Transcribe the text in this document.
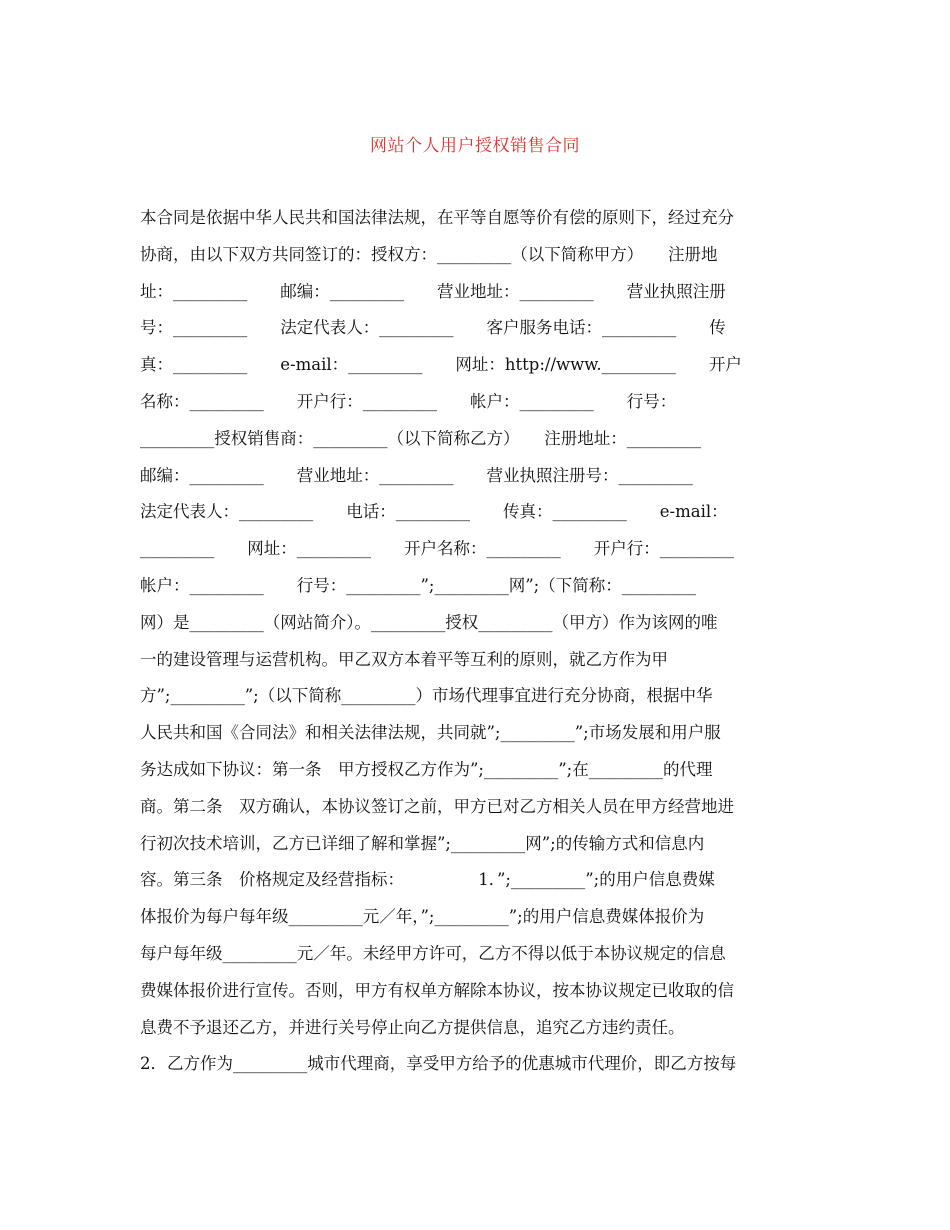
网站个人用户授权销售合同
本合同是依据中华人民共和国法律法规，在平等自愿等价有偿的原则下，经过充分
协商，由以下双方共同签订的：授权方：_________（以下简称甲方）　　注册地
址：_________　　邮编：_________　　营业地址：_________　　营业执照注册
号：_________　　法定代表人：_________　　客户服务电话：_________　　传
真：_________　　e-mail：_________　　网址：http://www._________　　开户
名称：_________　　开户行：_________　　帐户：_________　　行号：
_________授权销售商：_________（以下简称乙方）　　注册地址：_________
邮编：_________　　营业地址：_________　　营业执照注册号：_________
法定代表人：_________　　电话：_________　　传真：_________　　e-mail：
_________　　网址：_________　　开户名称：_________　　开户行：_________
帐户：_________　　行号：_________”;_________网”;（下简称：_________
网）是_________（网站简介）。_________授权_________（甲方）作为该网的唯
一的建设管理与运营机构。甲乙双方本着平等互利的原则，就乙方作为甲
方”;_________”;（以下简称_________）市场代理事宜进行充分协商，根据中华
人民共和国《合同法》和相关法律法规，共同就”;_________”;市场发展和用户服
务达成如下协议：第一条　甲方授权乙方作为”;_________”;在_________的代理
商。第二条　双方确认，本协议签订之前，甲方已对乙方相关人员在甲方经营地进
行初次技术培训，乙方已详细了解和掌握”;_________网”;的传输方式和信息内
容。第三条　价格规定及经营指标：　　　　　1．”;_________”;的用户信息费媒
体报价为每户每年级_________元／年，”;_________”;的用户信息费媒体报价为
每户每年级_________元／年。未经甲方许可，乙方不得以低于本协议规定的信息
费媒体报价进行宣传。否则，甲方有权单方解除本协议，按本协议规定已收取的信
息费不予退还乙方，并进行关号停止向乙方提供信息，追究乙方违约责任。
2．乙方作为_________城市代理商，享受甲方给予的优惠城市代理价，即乙方按每
